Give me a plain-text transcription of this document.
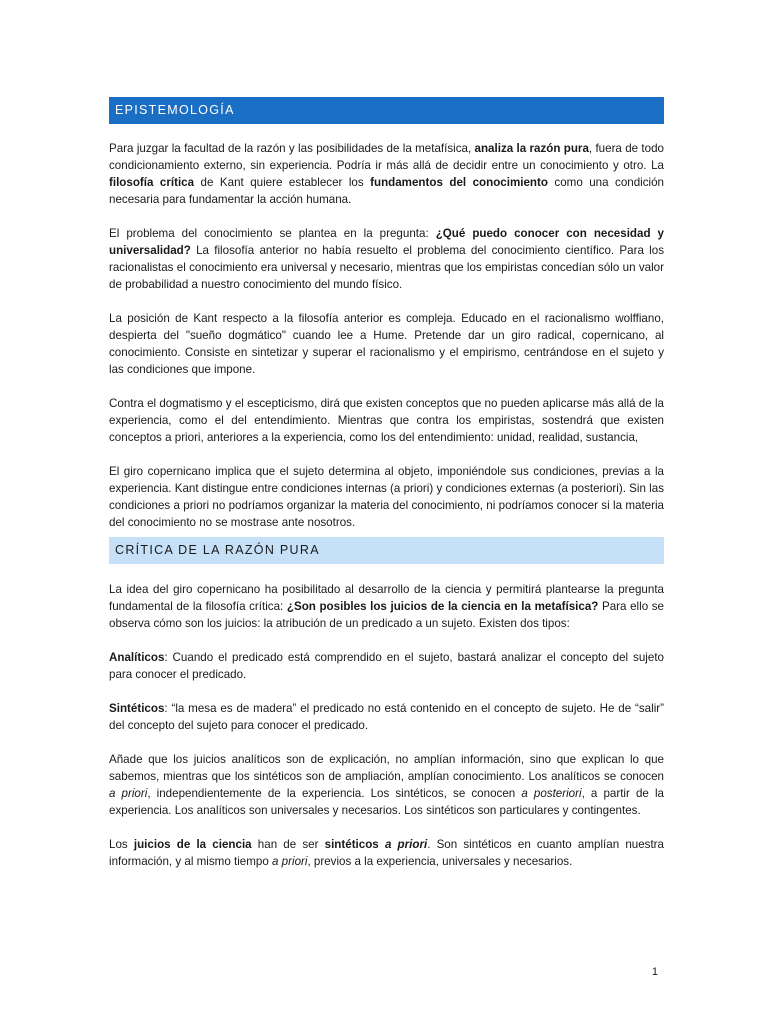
EPISTEMOLOGÍA

Para juzgar la facultad de la razón y las posibilidades de la metafísica, analiza la razón pura, fuera de todo condicionamiento externo, sin experiencia. Podría ir más allá de decidir entre un conocimiento y otro. La filosofía crítica de Kant quiere establecer los fundamentos del conocimiento como una condición necesaria para fundamentar la acción humana.

El problema del conocimiento se plantea en la pregunta: ¿Qué puedo conocer con necesidad y universalidad? La filosofía anterior no había resuelto el problema del conocimiento científico. Para los racionalistas el conocimiento era universal y necesario, mientras que los empiristas concedían sólo un valor de probabilidad a nuestro conocimiento del mundo físico.

La posición de Kant respecto a la filosofía anterior es compleja. Educado en el racionalismo wolffiano, despierta del "sueño dogmático" cuando lee a Hume. Pretende dar un giro radical, copernicano, al conocimiento. Consiste en sintetizar y superar el racionalismo y el empirismo, centrándose en el sujeto y las condiciones que impone.

Contra el dogmatismo y el escepticismo, dirá que existen conceptos que no pueden aplicarse más allá de la experiencia, como el del entendimiento. Mientras que contra los empiristas, sostendrá que existen conceptos a priori, anteriores a la experiencia, como los del entendimiento: unidad, realidad, sustancia,

El giro copernicano implica que el sujeto determina al objeto, imponiéndole sus condiciones, previas a la experiencia. Kant distingue entre condiciones internas (a priori) y condiciones externas (a posteriori). Sin las condiciones a priori no podríamos organizar la materia del conocimiento, ni podríamos conocer si la materia del conocimiento no se mostrase ante nosotros.

CRÍTICA DE LA RAZÓN PURA

La idea del giro copernicano ha posibilitado al desarrollo de la ciencia y permitirá plantearse la pregunta fundamental de la filosofía crítica: ¿Son posibles los juicios de la ciencia en la metafísica? Para ello se observa cómo son los juicios: la atribución de un predicado a un sujeto. Existen dos tipos:

Analíticos: Cuando el predicado está comprendido en el sujeto, bastará analizar el concepto del sujeto para conocer el predicado.

Sintéticos: “la mesa es de madera” el predicado no está contenido en el concepto de sujeto. He de “salir” del concepto del sujeto para conocer el predicado.

Añade que los juicios analíticos son de explicación, no amplían información, sino que explican lo que sabemos, mientras que los sintéticos son de ampliación, amplían conocimiento. Los analíticos se conocen a priori, independientemente de la experiencia. Los sintéticos, se conocen a posteriori, a partir de la experiencia. Los analíticos son universales y necesarios. Los sintéticos son particulares y contingentes.

Los juicios de la ciencia han de ser sintéticos a priori. Son sintéticos en cuanto amplían nuestra información, y al mismo tiempo a priori, previos a la experiencia, universales y necesarios.

1
